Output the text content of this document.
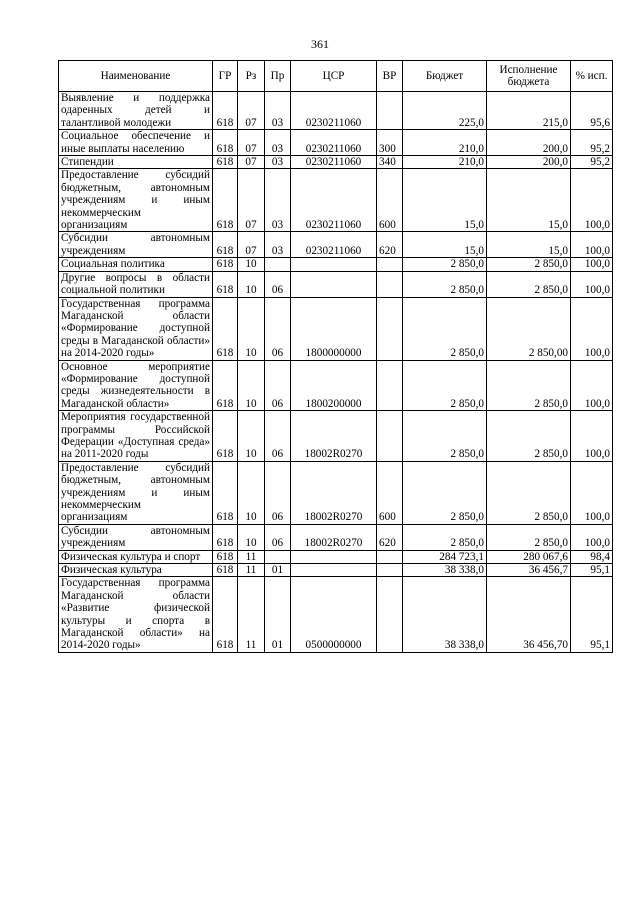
361
Наименование	ГР	Рз	Пр	ЦСР	ВР	Бюджет	Исполнение бюджета	% исп.
Выявление и поддержка одаренных детей и талантливой молодежи	618	07	03	0230211060		225,0	215,0	95,6
Социальное обеспечение и иные выплаты населению	618	07	03	0230211060	300	210,0	200,0	95,2
Стипендии	618	07	03	0230211060	340	210,0	200,0	95,2
Предоставление субсидий бюджетным, автономным учреждениям и иным некоммерческим организациям	618	07	03	0230211060	600	15,0	15,0	100,0
Субсидии автономным учреждениям	618	07	03	0230211060	620	15,0	15,0	100,0
Социальная политика	618	10				2 850,0	2 850,0	100,0
Другие вопросы в области социальной политики	618	10	06			2 850,0	2 850,0	100,0
Государственная программа Магаданской области «Формирование доступной среды в Магаданской области» на 2014-2020 годы»	618	10	06	1800000000		2 850,0	2 850,00	100,0
Основное мероприятие «Формирование доступной среды жизнедеятельности в Магаданской области»	618	10	06	1800200000		2 850,0	2 850,0	100,0
Мероприятия государственной программы Российской Федерации «Доступная среда» на 2011-2020 годы	618	10	06	18002R0270		2 850,0	2 850,0	100,0
Предоставление субсидий бюджетным, автономным учреждениям и иным некоммерческим организациям	618	10	06	18002R0270	600	2 850,0	2 850,0	100,0
Субсидии автономным учреждениям	618	10	06	18002R0270	620	2 850,0	2 850,0	100,0
Физическая культура и спорт	618	11				284 723,1	280 067,6	98,4
Физическая культура	618	11	01			38 338,0	36 456,7	95,1
Государственная программа Магаданской области «Развитие физической культуры и спорта в Магаданской области» на 2014-2020 годы»	618	11	01	0500000000		38 338,0	36 456,70	95,1
